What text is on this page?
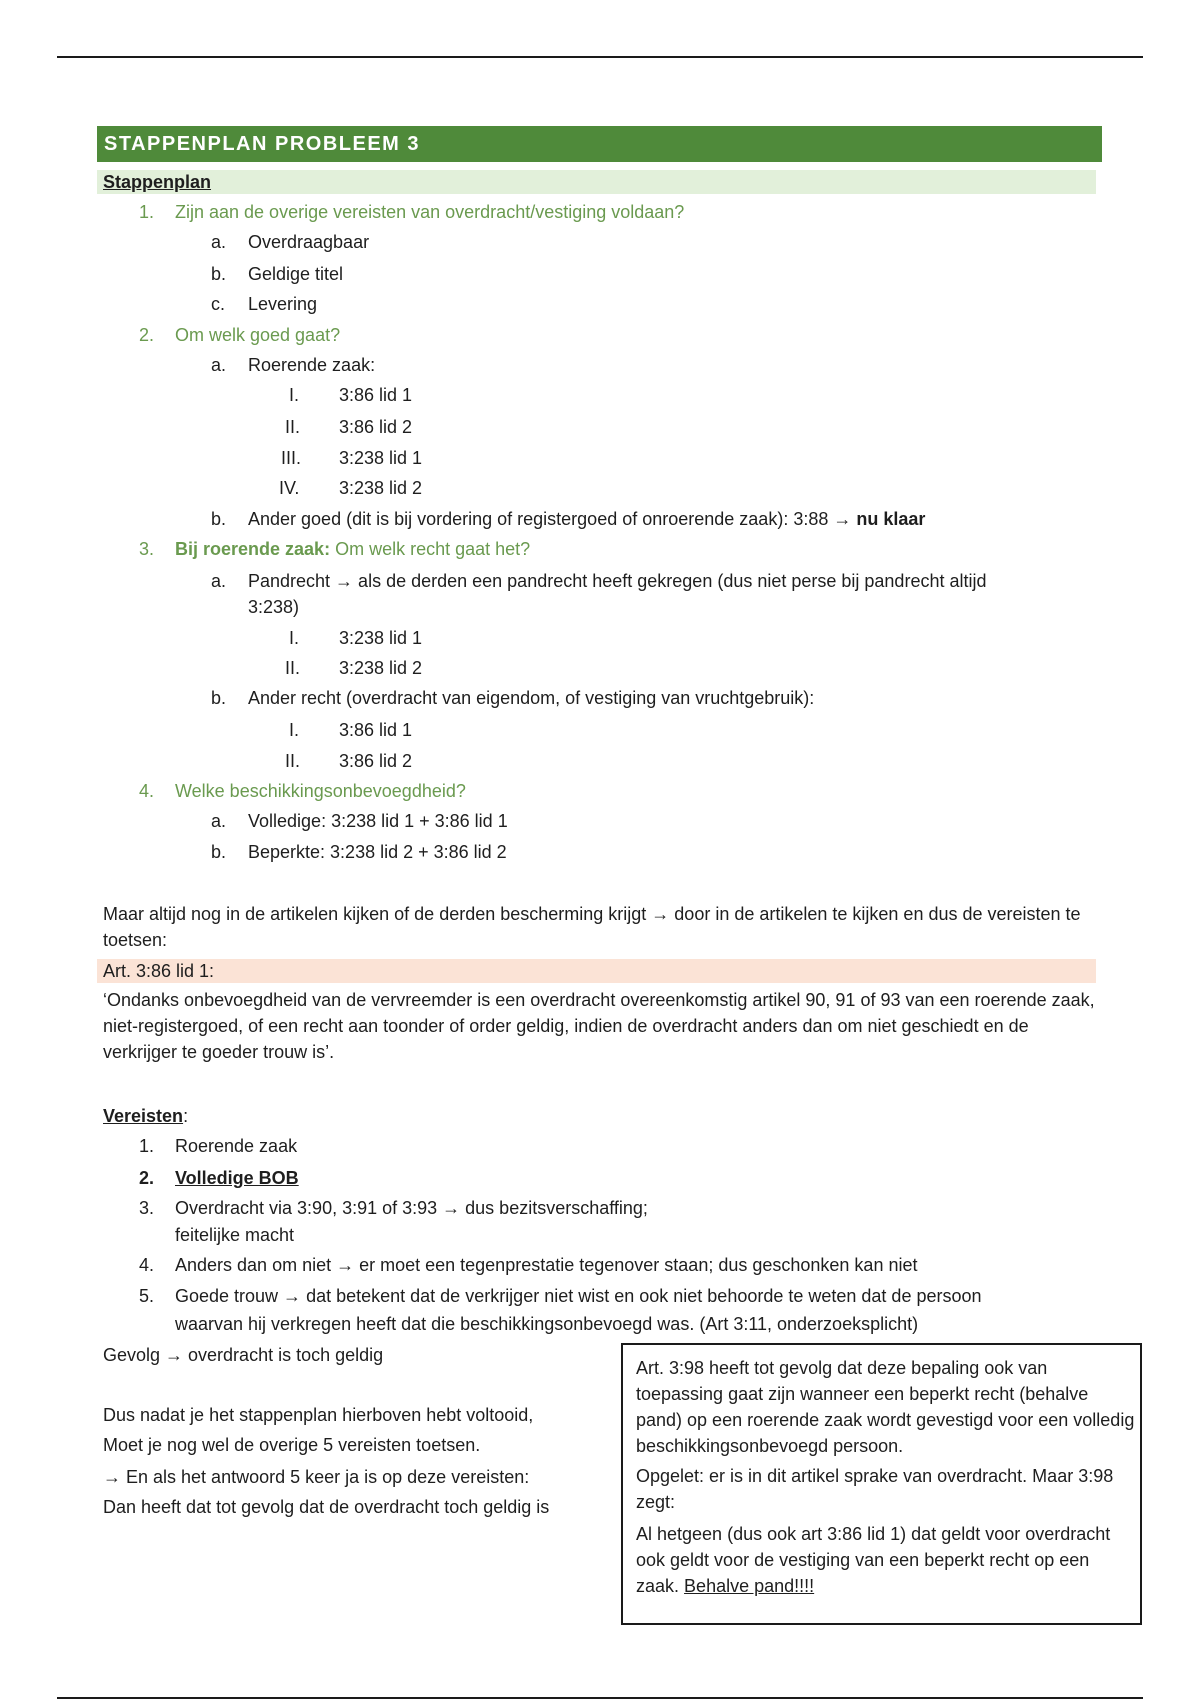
STAPPENPLAN PROBLEEM 3
Stappenplan
1. Zijn aan de overige vereisten van overdracht/vestiging voldaan?
a. Overdraagbaar
b. Geldige titel
c. Levering
2. Om welk goed gaat?
a. Roerende zaak:
I. 3:86 lid 1
II. 3:86 lid 2
III. 3:238 lid 1
IV. 3:238 lid 2
b. Ander goed (dit is bij vordering of registergoed of onroerende zaak): 3:88 → nu klaar
3. Bij roerende zaak: Om welk recht gaat het?
a. Pandrecht → als de derden een pandrecht heeft gekregen (dus niet perse bij pandrecht altijd
3:238)
I. 3:238 lid 1
II. 3:238 lid 2
b. Ander recht (overdracht van eigendom, of vestiging van vruchtgebruik):
I. 3:86 lid 1
II. 3:86 lid 2
4. Welke beschikkingsonbevoegdheid?
a. Volledige: 3:238 lid 1 + 3:86 lid 1
b. Beperkte: 3:238 lid 2 + 3:86 lid 2
Maar altijd nog in de artikelen kijken of de derden bescherming krijgt → door in de artikelen te kijken en dus de vereisten te toetsen:
Art. 3:86 lid 1:
‘Ondanks onbevoegdheid van de vervreemder is een overdracht overeenkomstig artikel 90, 91 of 93 van een roerende zaak, niet-registergoed, of een recht aan toonder of order geldig, indien de overdracht anders dan om niet geschiedt en de verkrijger te goeder trouw is’.
Vereisten:
1. Roerende zaak
2. Volledige BOB
3. Overdracht via 3:90, 3:91 of 3:93 → dus bezitsverschaffing;
feitelijke macht
4. Anders dan om niet → er moet een tegenprestatie tegenover staan; dus geschonken kan niet
5. Goede trouw → dat betekent dat de verkrijger niet wist en ook niet behoorde te weten dat de persoon
waarvan hij verkregen heeft dat die beschikkingsonbevoegd was. (Art 3:11, onderzoeksplicht)
Gevolg → overdracht is toch geldig
Dus nadat je het stappenplan hierboven hebt voltooid,
Moet je nog wel de overige 5 vereisten toetsen.
→ En als het antwoord 5 keer ja is op deze vereisten:
Dan heeft dat tot gevolg dat de overdracht toch geldig is
Art. 3:98 heeft tot gevolg dat deze bepaling ook van toepassing gaat zijn wanneer een beperkt recht (behalve pand) op een roerende zaak wordt gevestigd voor een volledig beschikkingsonbevoegd persoon.
Opgelet: er is in dit artikel sprake van overdracht. Maar 3:98 zegt:
Al hetgeen (dus ook art 3:86 lid 1) dat geldt voor overdracht ook geldt voor de vestiging van een beperkt recht op een zaak. Behalve pand!!!!
